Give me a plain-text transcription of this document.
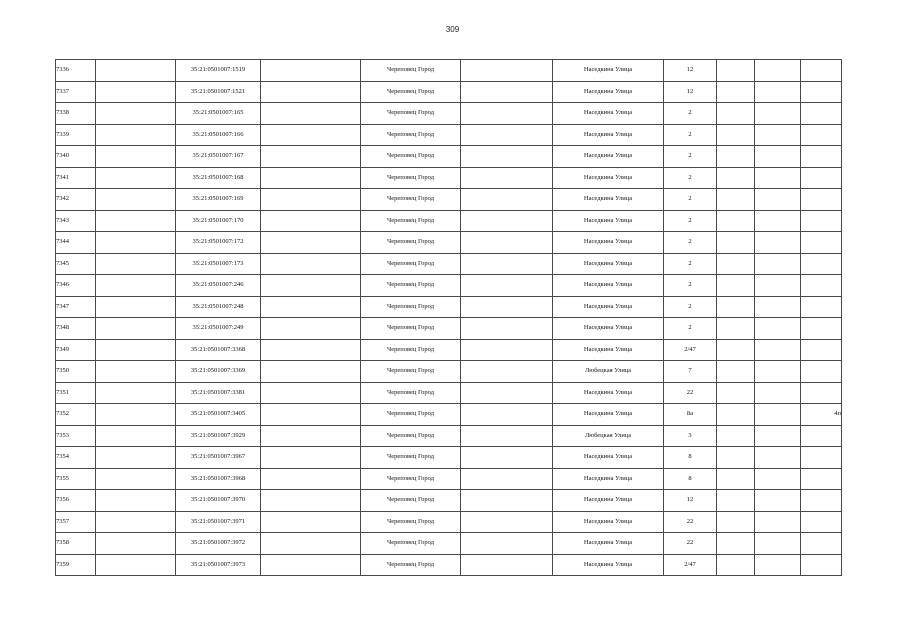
309
7336		35:21:0501007:1519		Череповец Город		Наседкина Улица	12			
7337		35:21:0501007:1521		Череповец Город		Наседкина Улица	12			
7338		35:21:0501007:165		Череповец Город		Наседкина Улица	2			
7339		35:21:0501007:166		Череповец Город		Наседкина Улица	2			
7340		35:21:0501007:167		Череповец Город		Наседкина Улица	2			
7341		35:21:0501007:168		Череповец Город		Наседкина Улица	2			
7342		35:21:0501007:169		Череповец Город		Наседкина Улица	2			
7343		35:21:0501007:170		Череповец Город		Наседкина Улица	2			
7344		35:21:0501007:172		Череповец Город		Наседкина Улица	2			
7345		35:21:0501007:173		Череповец Город		Наседкина Улица	2			
7346		35:21:0501007:246		Череповец Город		Наседкина Улица	2			
7347		35:21:0501007:248		Череповец Город		Наседкина Улица	2			
7348		35:21:0501007:249		Череповец Город		Наседкина Улица	2			
7349		35:21:0501007:3368		Череповец Город		Наседкина Улица	2/47			
7350		35:21:0501007:3369		Череповец Город		Любецкая Улица	7			
7351		35:21:0501007:3381		Череповец Город		Наседкина Улица	22			
7352		35:21:0501007:3405		Череповец Город		Наседкина Улица	8а			4п
7353		35:21:0501007:3929		Череповец Город		Любецкая Улица	3			
7354		35:21:0501007:3967		Череповец Город		Наседкина Улица	8			
7355		35:21:0501007:3968		Череповец Город		Наседкина Улица	8			
7356		35:21:0501007:3970		Череповец Город		Наседкина Улица	12			
7357		35:21:0501007:3971		Череповец Город		Наседкина Улица	22			
7358		35:21:0501007:3972		Череповец Город		Наседкина Улица	22			
7359		35:21:0501007:3973		Череповец Город		Наседкина Улица	2/47			
